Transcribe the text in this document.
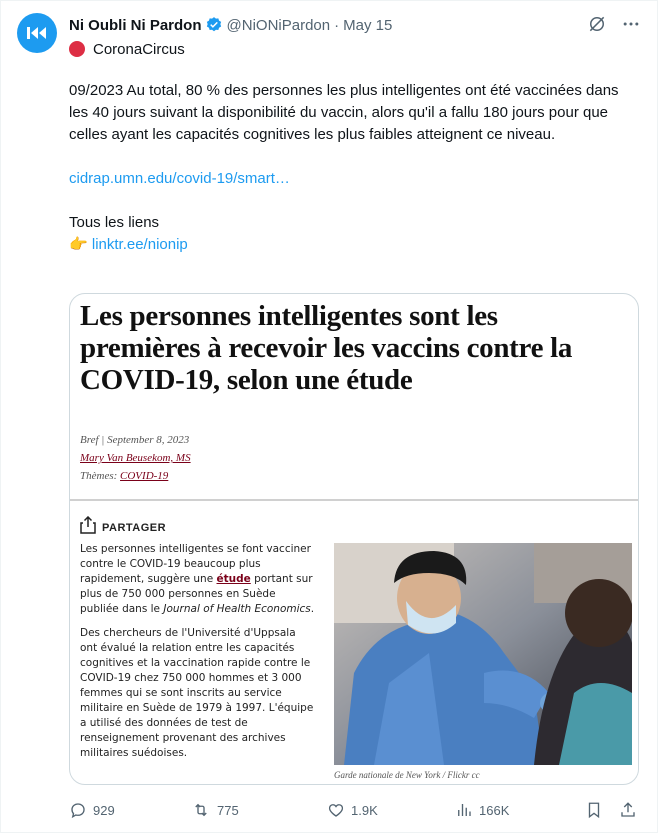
Ni Oubli Ni Pardon @NiONiPardon · May 15
CoronaCircus

09/2023 Au total, 80 % des personnes les plus intelligentes ont été vaccinées dans les 40 jours suivant la disponibilité du vaccin, alors qu'il a fallu 180 jours pour que celles ayant les capacités cognitives les plus faibles atteignent ce niveau.

cidrap.umn.edu/covid-19/smart…

Tous les liens

👉 linktr.ee/nionip

Les personnes intelligentes sont les premières à recevoir les vaccins contre la COVID-19, selon une étude
Bref | September 8, 2023
Mary Van Beusekom, MS
Thèmes: COVID-19
PARTAGER

Les personnes intelligentes se font vacciner contre le COVID-19 beaucoup plus rapidement, suggère une étude portant sur plus de 750 000 personnes en Suède publiée dans le Journal of Health Economics.

Des chercheurs de l'Université d'Uppsala ont évalué la relation entre les capacités cognitives et la vaccination rapide contre le COVID-19 chez 750 000 hommes et 3 000 femmes qui se sont inscrits au service militaire en Suède de 1979 à 1997. L'équipe a utilisé des données de test de renseignement provenant des archives militaires suédoises.

Garde nationale de New York / Flickr cc
929	775	1.9K	166K
